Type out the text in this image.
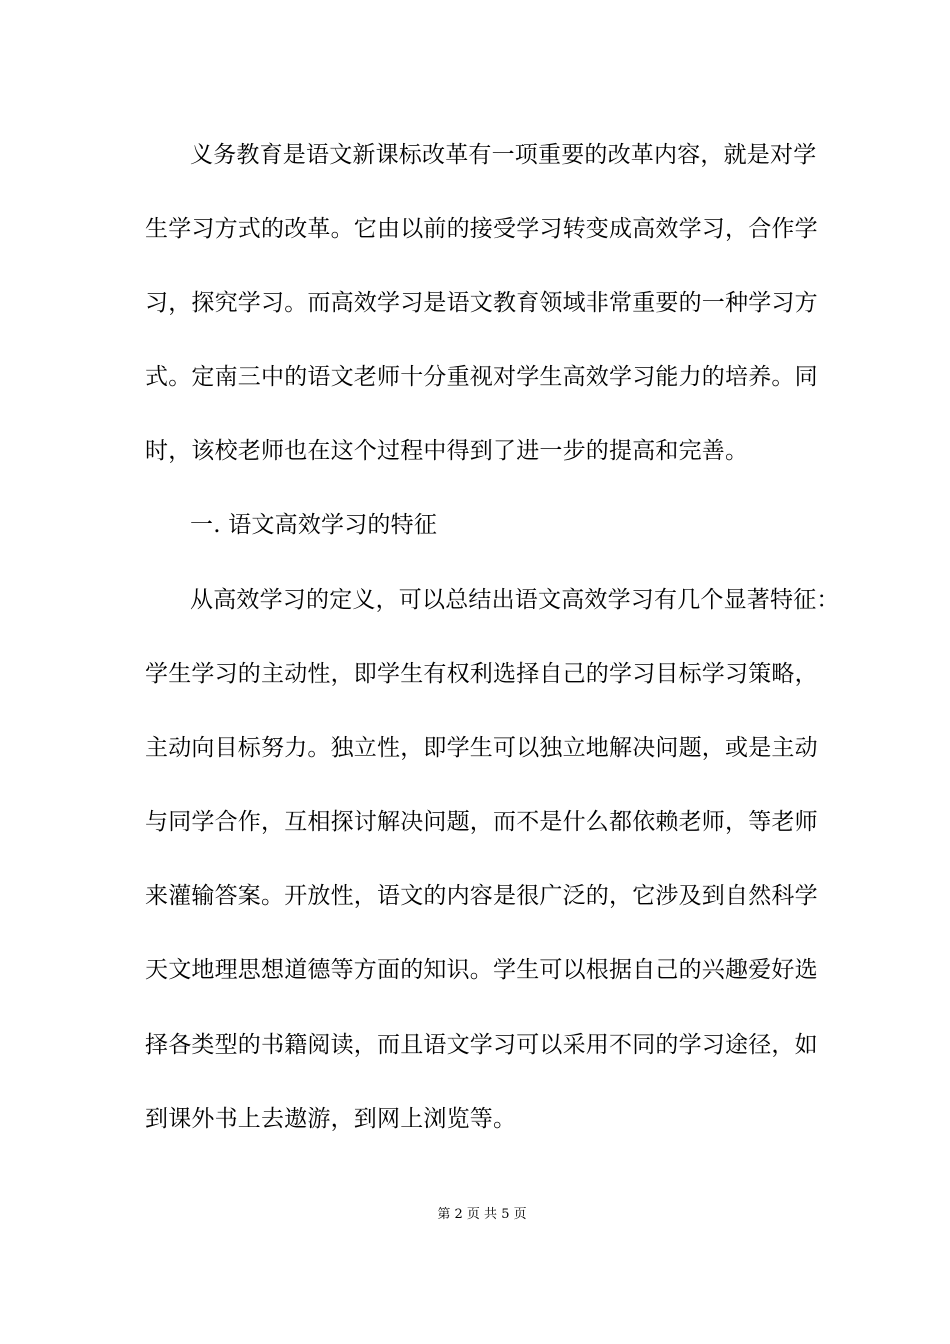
义务教育是语文新课标改革有一项重要的改革内容，就是对学
生学习方式的改革。它由以前的接受学习转变成高效学习，合作学
习，探究学习。而高效学习是语文教育领域非常重要的一种学习方
式。定南三中的语文老师十分重视对学生高效学习能力的培养。同
时，该校老师也在这个过程中得到了进一步的提高和完善。
一. 语文高效学习的特征
从高效学习的定义，可以总结出语文高效学习有几个显著特征：
学生学习的主动性，即学生有权利选择自己的学习目标学习策略，
主动向目标努力。独立性，即学生可以独立地解决问题，或是主动
与同学合作，互相探讨解决问题，而不是什么都依赖老师，等老师
来灌输答案。开放性，语文的内容是很广泛的，它涉及到自然科学
天文地理思想道德等方面的知识。学生可以根据自己的兴趣爱好选
择各类型的书籍阅读，而且语文学习可以采用不同的学习途径，如
到课外书上去遨游，到网上浏览等。
第 2 页 共 5 页
